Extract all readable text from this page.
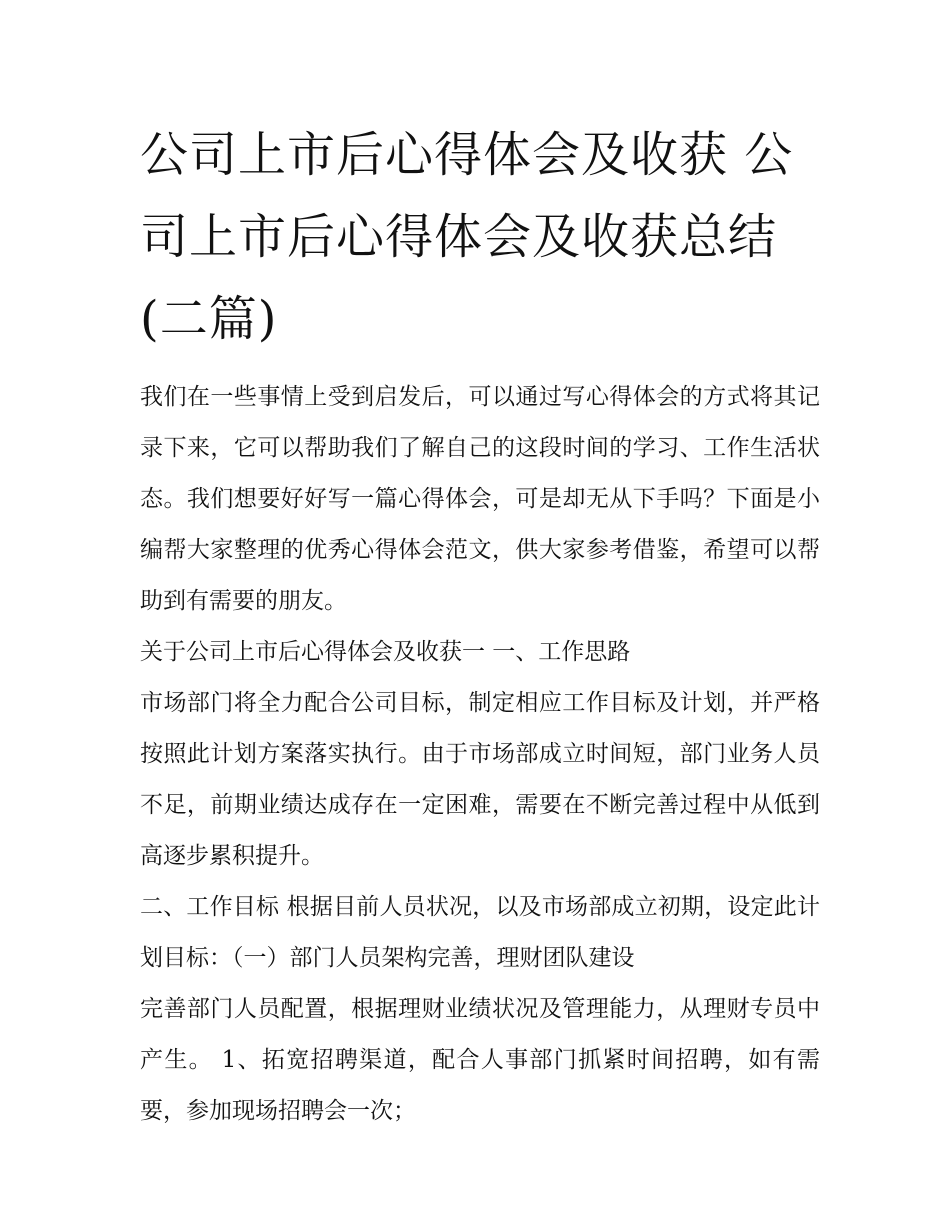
公司上市后心得体会及收获 公司上市后心得体会及收获总结(二篇)

我们在一些事情上受到启发后，可以通过写心得体会的方式将其记录下来，它可以帮助我们了解自己的这段时间的学习、工作生活状态。我们想要好好写一篇心得体会，可是却无从下手吗？下面是小编帮大家整理的优秀心得体会范文，供大家参考借鉴，希望可以帮助到有需要的朋友。

关于公司上市后心得体会及收获一 一、工作思路

市场部门将全力配合公司目标，制定相应工作目标及计划，并严格按照此计划方案落实执行。由于市场部成立时间短，部门业务人员不足，前期业绩达成存在一定困难，需要在不断完善过程中从低到高逐步累积提升。

二、工作目标 根据目前人员状况，以及市场部成立初期，设定此计划目标：（一）部门人员架构完善，理财团队建设

完善部门人员配置，根据理财业绩状况及管理能力，从理财专员中产生。 1、拓宽招聘渠道，配合人事部门抓紧时间招聘，如有需要，参加现场招聘会一次；
